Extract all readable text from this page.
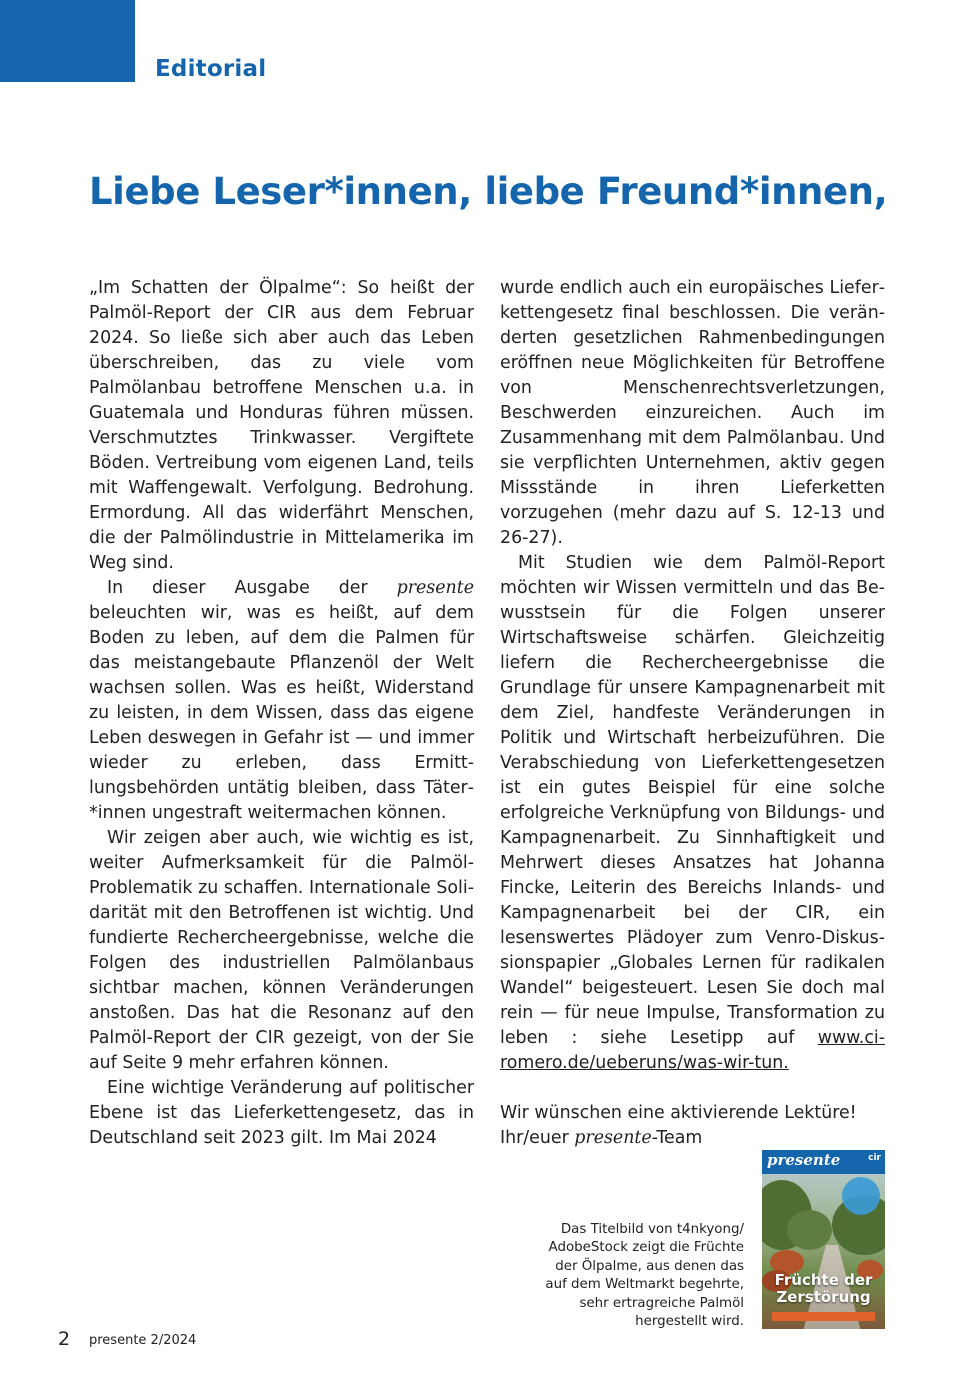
Editorial
Liebe Leser*innen, liebe Freund*innen,

„Im Schatten der Ölpalme“: So heißt der Palmöl-Report der CIR aus dem Februar 2024. So ließe sich aber auch das Leben überschreiben, das zu viele vom Palmölanbau betroffene Menschen u.a. in Guatemala und Honduras führen müssen. Verschmutztes Trinkwasser. Vergiftete Böden. Vertreibung vom eigenen Land, teils mit Waffengewalt. Verfolgung. Bedrohung. Ermordung. All das widerfährt Menschen, die der Palmölindustrie in Mittelamerika im Weg sind.

In dieser Ausgabe der presente beleuchten wir, was es heißt, auf dem Boden zu leben, auf dem die Palmen für das meistangebaute Pflanzenöl der Welt wachsen sollen. Was es heißt, Widerstand zu leisten, in dem Wissen, dass das eigene Leben deswegen in Gefahr ist — und immer wieder zu erleben, dass Ermittlungsbehörden untätig bleiben, dass Täter*innen ungestraft weitermachen können.

Wir zeigen aber auch, wie wichtig es ist, weiter Aufmerksamkeit für die Palmöl-Problematik zu schaffen. Internationale Solidarität mit den Betroffenen ist wichtig. Und fundierte Rechercheergebnisse, welche die Folgen des industriellen Palmölanbaus sichtbar machen, können Veränderungen anstoßen. Das hat die Resonanz auf den Palmöl-Report der CIR gezeigt, von der Sie auf Seite 9 mehr erfahren können.

Eine wichtige Veränderung auf politischer Ebene ist das Lieferkettengesetz, das in Deutschland seit 2023 gilt. Im Mai 2024

wurde endlich auch ein europäisches Lieferkettengesetz final beschlossen. Die veränderten gesetzlichen Rahmenbedingungen eröffnen neue Möglichkeiten für Betroffene von Menschenrechtsverletzungen, Beschwerden einzureichen. Auch im Zusammenhang mit dem Palmölanbau. Und sie verpflichten Unternehmen, aktiv gegen Missstände in ihren Lieferketten vorzugehen (mehr dazu auf S. 12-13 und 26-27).

Mit Studien wie dem Palmöl-Report möchten wir Wissen vermitteln und das Bewusstsein für die Folgen unserer Wirtschaftsweise schärfen. Gleichzeitig liefern die Rechercheergebnisse die Grundlage für unsere Kampagnenarbeit mit dem Ziel, handfeste Veränderungen in Politik und Wirtschaft herbeizuführen. Die Verabschiedung von Lieferkettengesetzen ist ein gutes Beispiel für eine solche erfolgreiche Verknüpfung von Bildungs- und Kampagnenarbeit. Zu Sinnhaftigkeit und Mehrwert dieses Ansatzes hat Johanna Fincke, Leiterin des Bereichs Inlands- und Kampagnenarbeit bei der CIR, ein lesenswertes Plädoyer zum Venro-Diskussionspapier „Globales Lernen für radikalen Wandel“ beigesteuert. Lesen Sie doch mal rein — für neue Impulse, Transformation zu leben : siehe Lesetipp auf www.ci-romero.de/ueberuns/was-wir-tun.

Wir wünschen eine aktivierende Lektüre!

Ihr/euer presente-Team

Das Titelbild von t4nkyong/ AdobeStock zeigt die Früchte der Ölpalme, aus denen das auf dem Weltmarkt begehrte, sehr ertragreiche Palmöl hergestellt wird.
presente	cir
Früchte der Zerstörung
2 presente 2/2024
